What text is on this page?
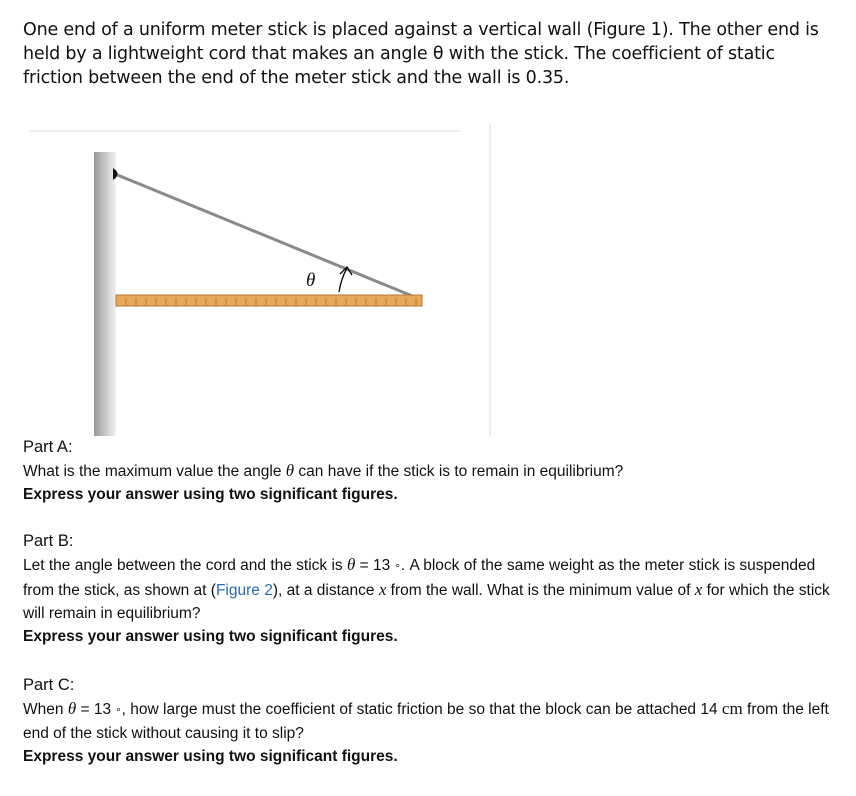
One end of a uniform meter stick is placed against a vertical wall (Figure 1). The other end is held by a lightweight cord that makes an angle θ with the stick. The coefficient of static friction between the end of the meter stick and the wall is 0.35.
θ
Part A:
What is the maximum value the angle θ can have if the stick is to remain in equilibrium?
Express your answer using two significant figures.
Part B:
Let the angle between the cord and the stick is θ = 13 ∘. A block of the same weight as the meter stick is suspended from the stick, as shown at (Figure 2), at a distance x from the wall. What is the minimum value of x for which the stick will remain in equilibrium?
Express your answer using two significant figures.
Part C:
When θ = 13 ∘, how large must the coefficient of static friction be so that the block can be attached 14 cm from the left end of the stick without causing it to slip?
Express your answer using two significant figures.
